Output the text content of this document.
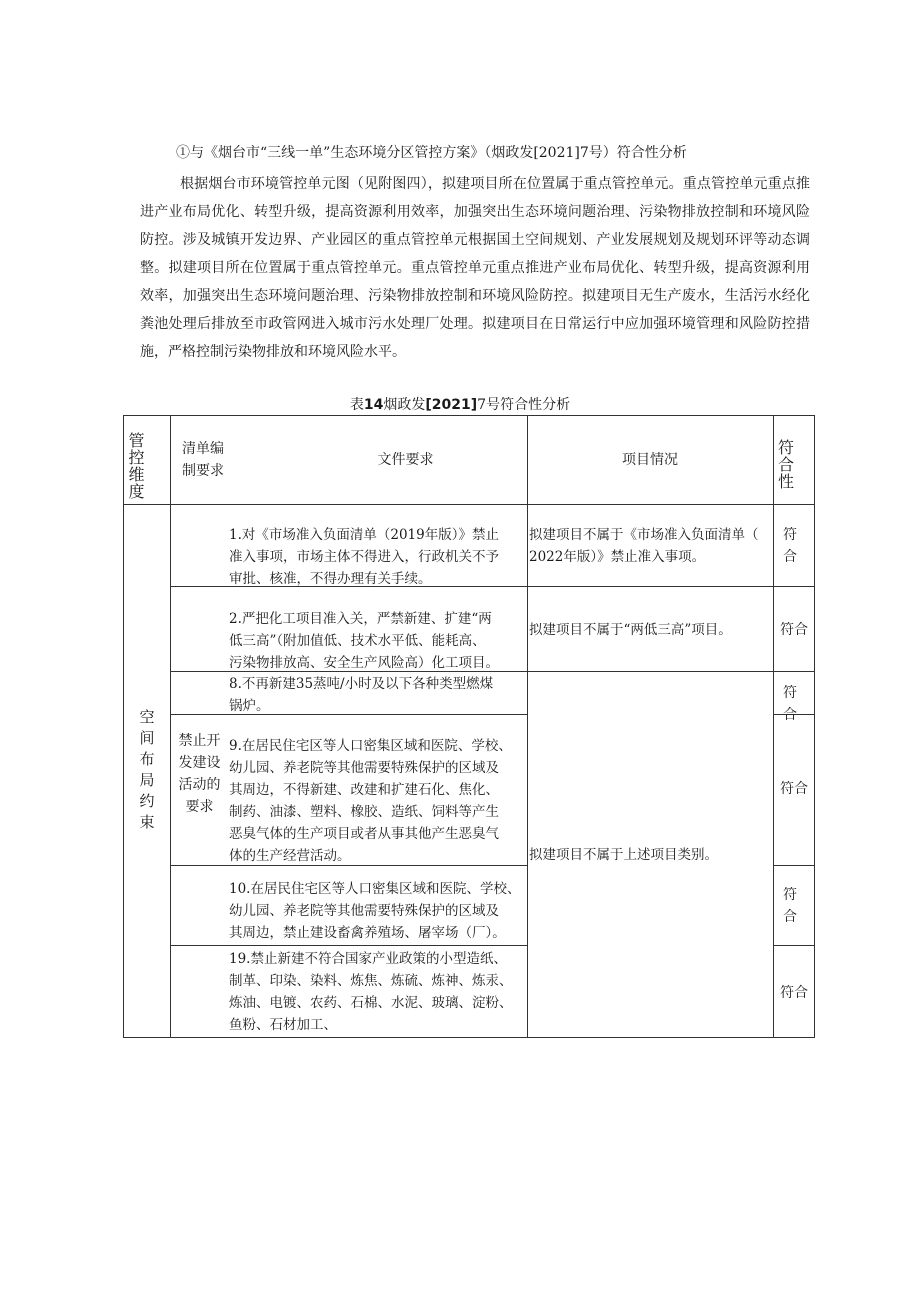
①与《烟台市“三线一单”生态环境分区管控方案》（烟政发[2021]7号）符合性分析

根据烟台市环境管控单元图（见附图四），拟建项目所在位置属于重点管控单元。重点管控单元重点推进产业布局优化、转型升级，提高资源利用效率，加强突出生态环境问题治理、污染物排放控制和环境风险防控。涉及城镇开发边界、产业园区的重点管控单元根据国土空间规划、产业发展规划及规划环评等动态调整。拟建项目所在位置属于重点管控单元。重点管控单元重点推进产业布局优化、转型升级，提高资源利用效率，加强突出生态环境问题治理、污染物排放控制和环境风险防控。拟建项目无生产废水，生活污水经化粪池处理后排放至市政管网进入城市污水处理厂处理。拟建项目在日常运行中应加强环境管理和风险防控措施，严格控制污染物排放和环境风险水平。

表14烟政发[2021]7号符合性分析
管控维度
清单编制要求
文件要求	项目情况
符合性
空间布局约束
禁止开发建设活动的要求
1.对《市场准入负面清单（2019年版）》禁止
准入事项，市场主体不得进入，行政机关不予
审批、核准，不得办理有关手续。
2.严把化工项目准入关，严禁新建、扩建“两
低三高”（附加值低、技术水平低、能耗高、
污染物排放高、安全生产风险高）化工项目。
8.不再新建35蒸吨/小时及以下各种类型燃煤
锅炉。
9.在居民住宅区等人口密集区域和医院、学校、
幼儿园、养老院等其他需要特殊保护的区域及
其周边，不得新建、改建和扩建石化、焦化、
制药、油漆、塑料、橡胶、造纸、饲料等产生
恶臭气体的生产项目或者从事其他产生恶臭气
体的生产经营活动。
10.在居民住宅区等人口密集区域和医院、学校、
幼儿园、养老院等其他需要特殊保护的区域及
其周边，禁止建设畜禽养殖场、屠宰场（厂）。
19.禁止新建不符合国家产业政策的小型造纸、
制革、印染、染料、炼焦、炼硫、炼神、炼汞、
炼油、电镀、农药、石棉、水泥、玻璃、淀粉、
鱼粉、石材加工、
拟建项目不属于《市场准入负面清单（
2022年版）》禁止准入事项。
拟建项目不属于“两低三高”项目。
拟建项目不属于上述项目类别。
符合
符合
符合
符合
符合
符合
